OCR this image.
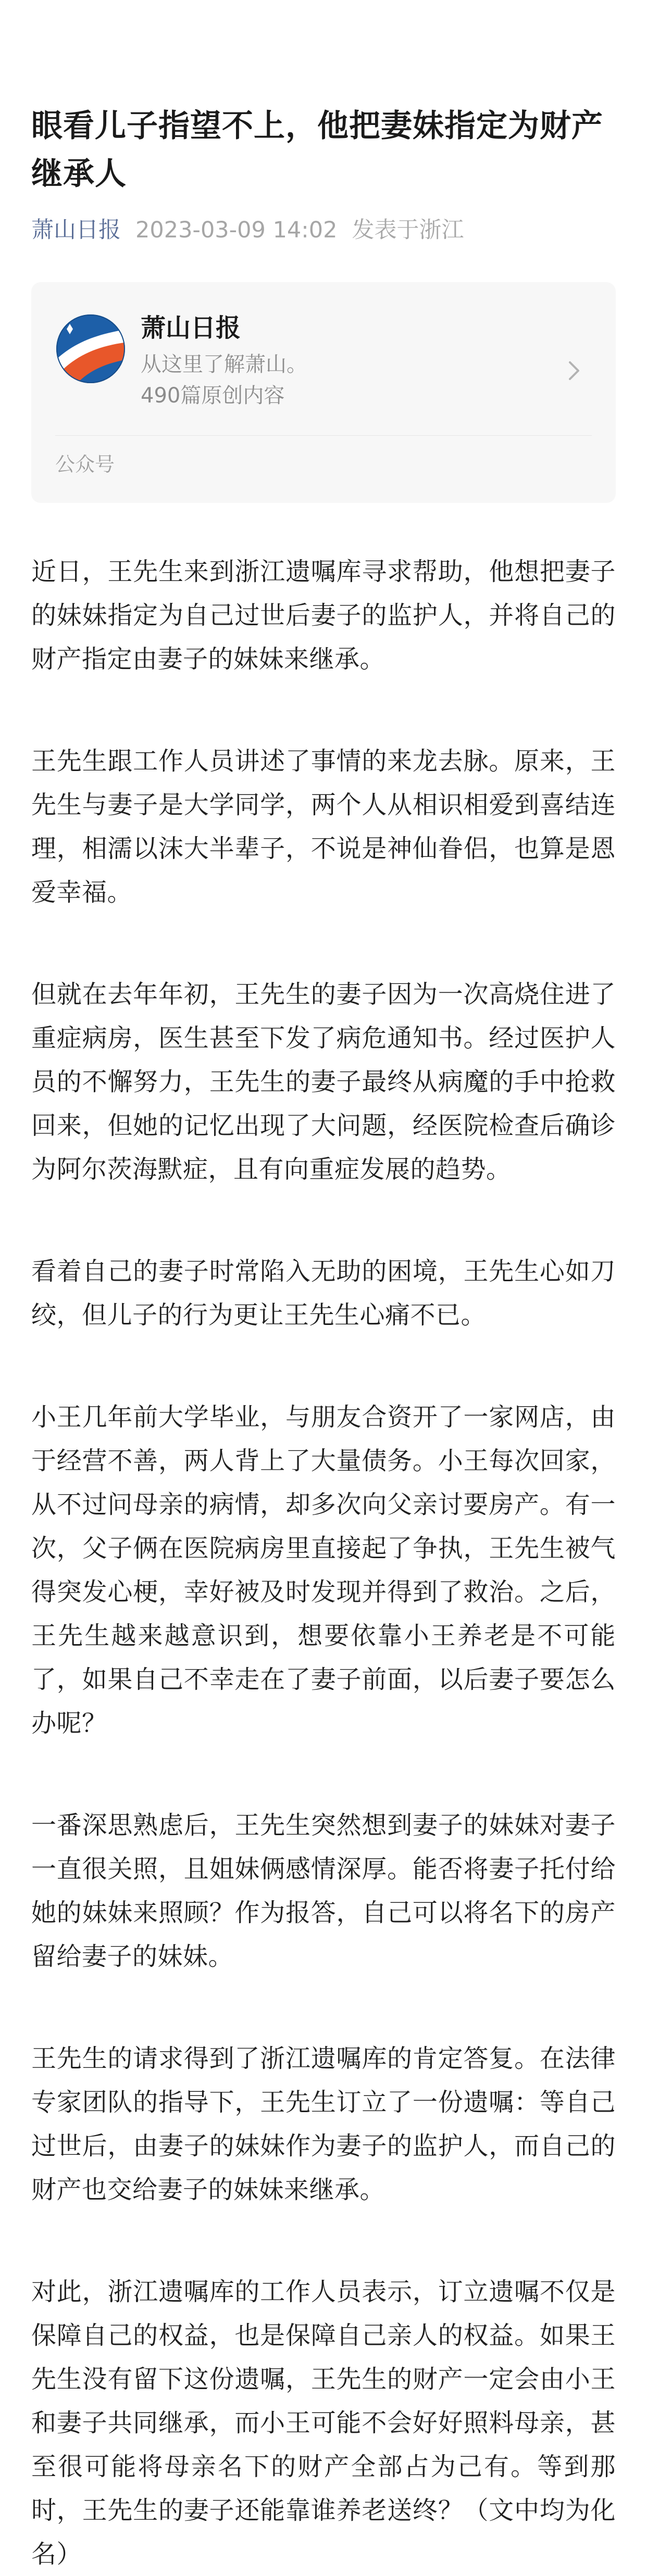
眼看儿子指望不上，他把妻妹指定为财产继承人
萧山日报 2023-03-09 14:02 发表于浙江
萧山日报
从这里了解萧山。
490篇原创内容
公众号

近日，王先生来到浙江遗嘱库寻求帮助，他想把妻子的妹妹指定为自己过世后妻子的监护人，并将自己的财产指定由妻子的妹妹来继承。

王先生跟工作人员讲述了事情的来龙去脉。原来，王先生与妻子是大学同学，两个人从相识相爱到喜结连理，相濡以沫大半辈子，不说是神仙眷侣，也算是恩爱幸福。

但就在去年年初，王先生的妻子因为一次高烧住进了重症病房，医生甚至下发了病危通知书。经过医护人员的不懈努力，王先生的妻子最终从病魔的手中抢救回来，但她的记忆出现了大问题，经医院检查后确诊为阿尔茨海默症，且有向重症发展的趋势。

看着自己的妻子时常陷入无助的困境，王先生心如刀绞，但儿子的行为更让王先生心痛不已。

小王几年前大学毕业，与朋友合资开了一家网店，由于经营不善，两人背上了大量债务。小王每次回家，从不过问母亲的病情，却多次向父亲讨要房产。有一次，父子俩在医院病房里直接起了争执，王先生被气得突发心梗，幸好被及时发现并得到了救治。之后，王先生越来越意识到，想要依靠小王养老是不可能了，如果自己不幸走在了妻子前面，以后妻子要怎么办呢？

一番深思熟虑后，王先生突然想到妻子的妹妹对妻子一直很关照，且姐妹俩感情深厚。能否将妻子托付给她的妹妹来照顾？作为报答，自己可以将名下的房产留给妻子的妹妹。

王先生的请求得到了浙江遗嘱库的肯定答复。在法律专家团队的指导下，王先生订立了一份遗嘱：等自己过世后，由妻子的妹妹作为妻子的监护人，而自己的财产也交给妻子的妹妹来继承。

对此，浙江遗嘱库的工作人员表示，订立遗嘱不仅是保障自己的权益，也是保障自己亲人的权益。如果王先生没有留下这份遗嘱，王先生的财产一定会由小王和妻子共同继承，而小王可能不会好好照料母亲，甚至很可能将母亲名下的财产全部占为己有。等到那时，王先生的妻子还能靠谁养老送终？（文中均为化名）
